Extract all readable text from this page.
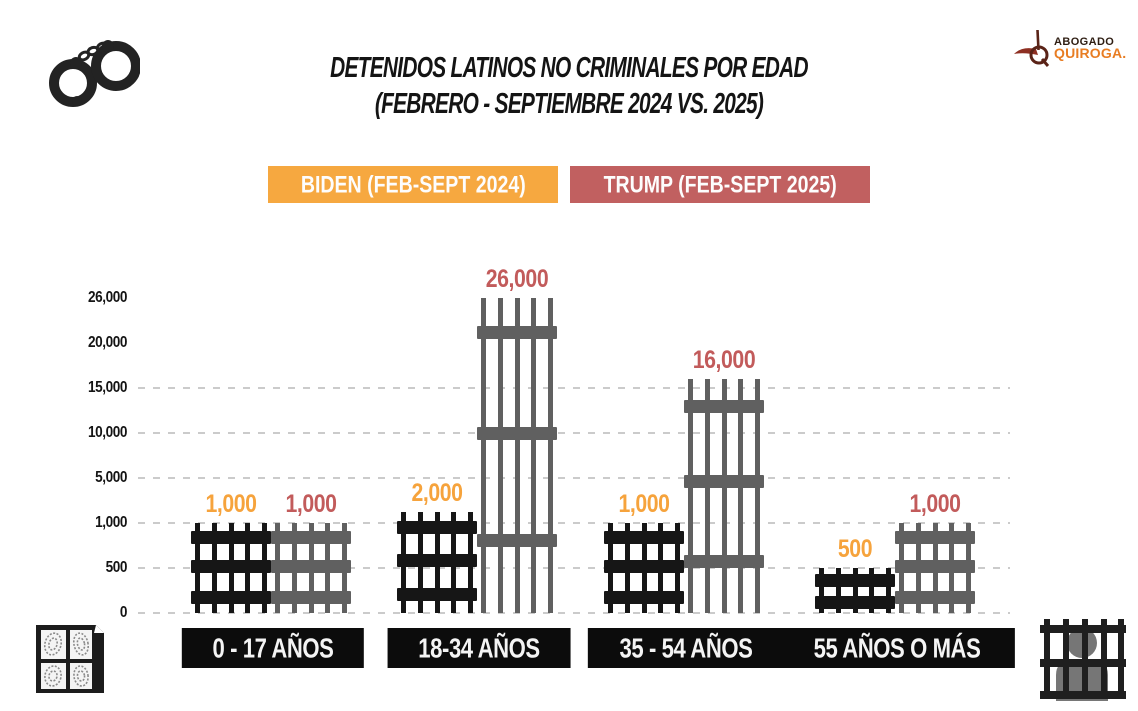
DETENIDOS LATINOS NO CRIMINALES POR EDAD
(FEBRERO - SEPTIEMBRE 2024 VS. 2025)
ABOGADO
QUIROGA.
BIDEN (FEB-SEPT 2024)	TRUMP (FEB-SEPT 2025)
0
500
1,000
5,000
10,000
15,000
20,000
26,000
1,000	2,000	1,000
500
1,000
26,000
16,000
1,000
0 - 17 AÑOS	18-34 AÑOS	35 - 54 AÑOS 55 AÑOS O MÁS
